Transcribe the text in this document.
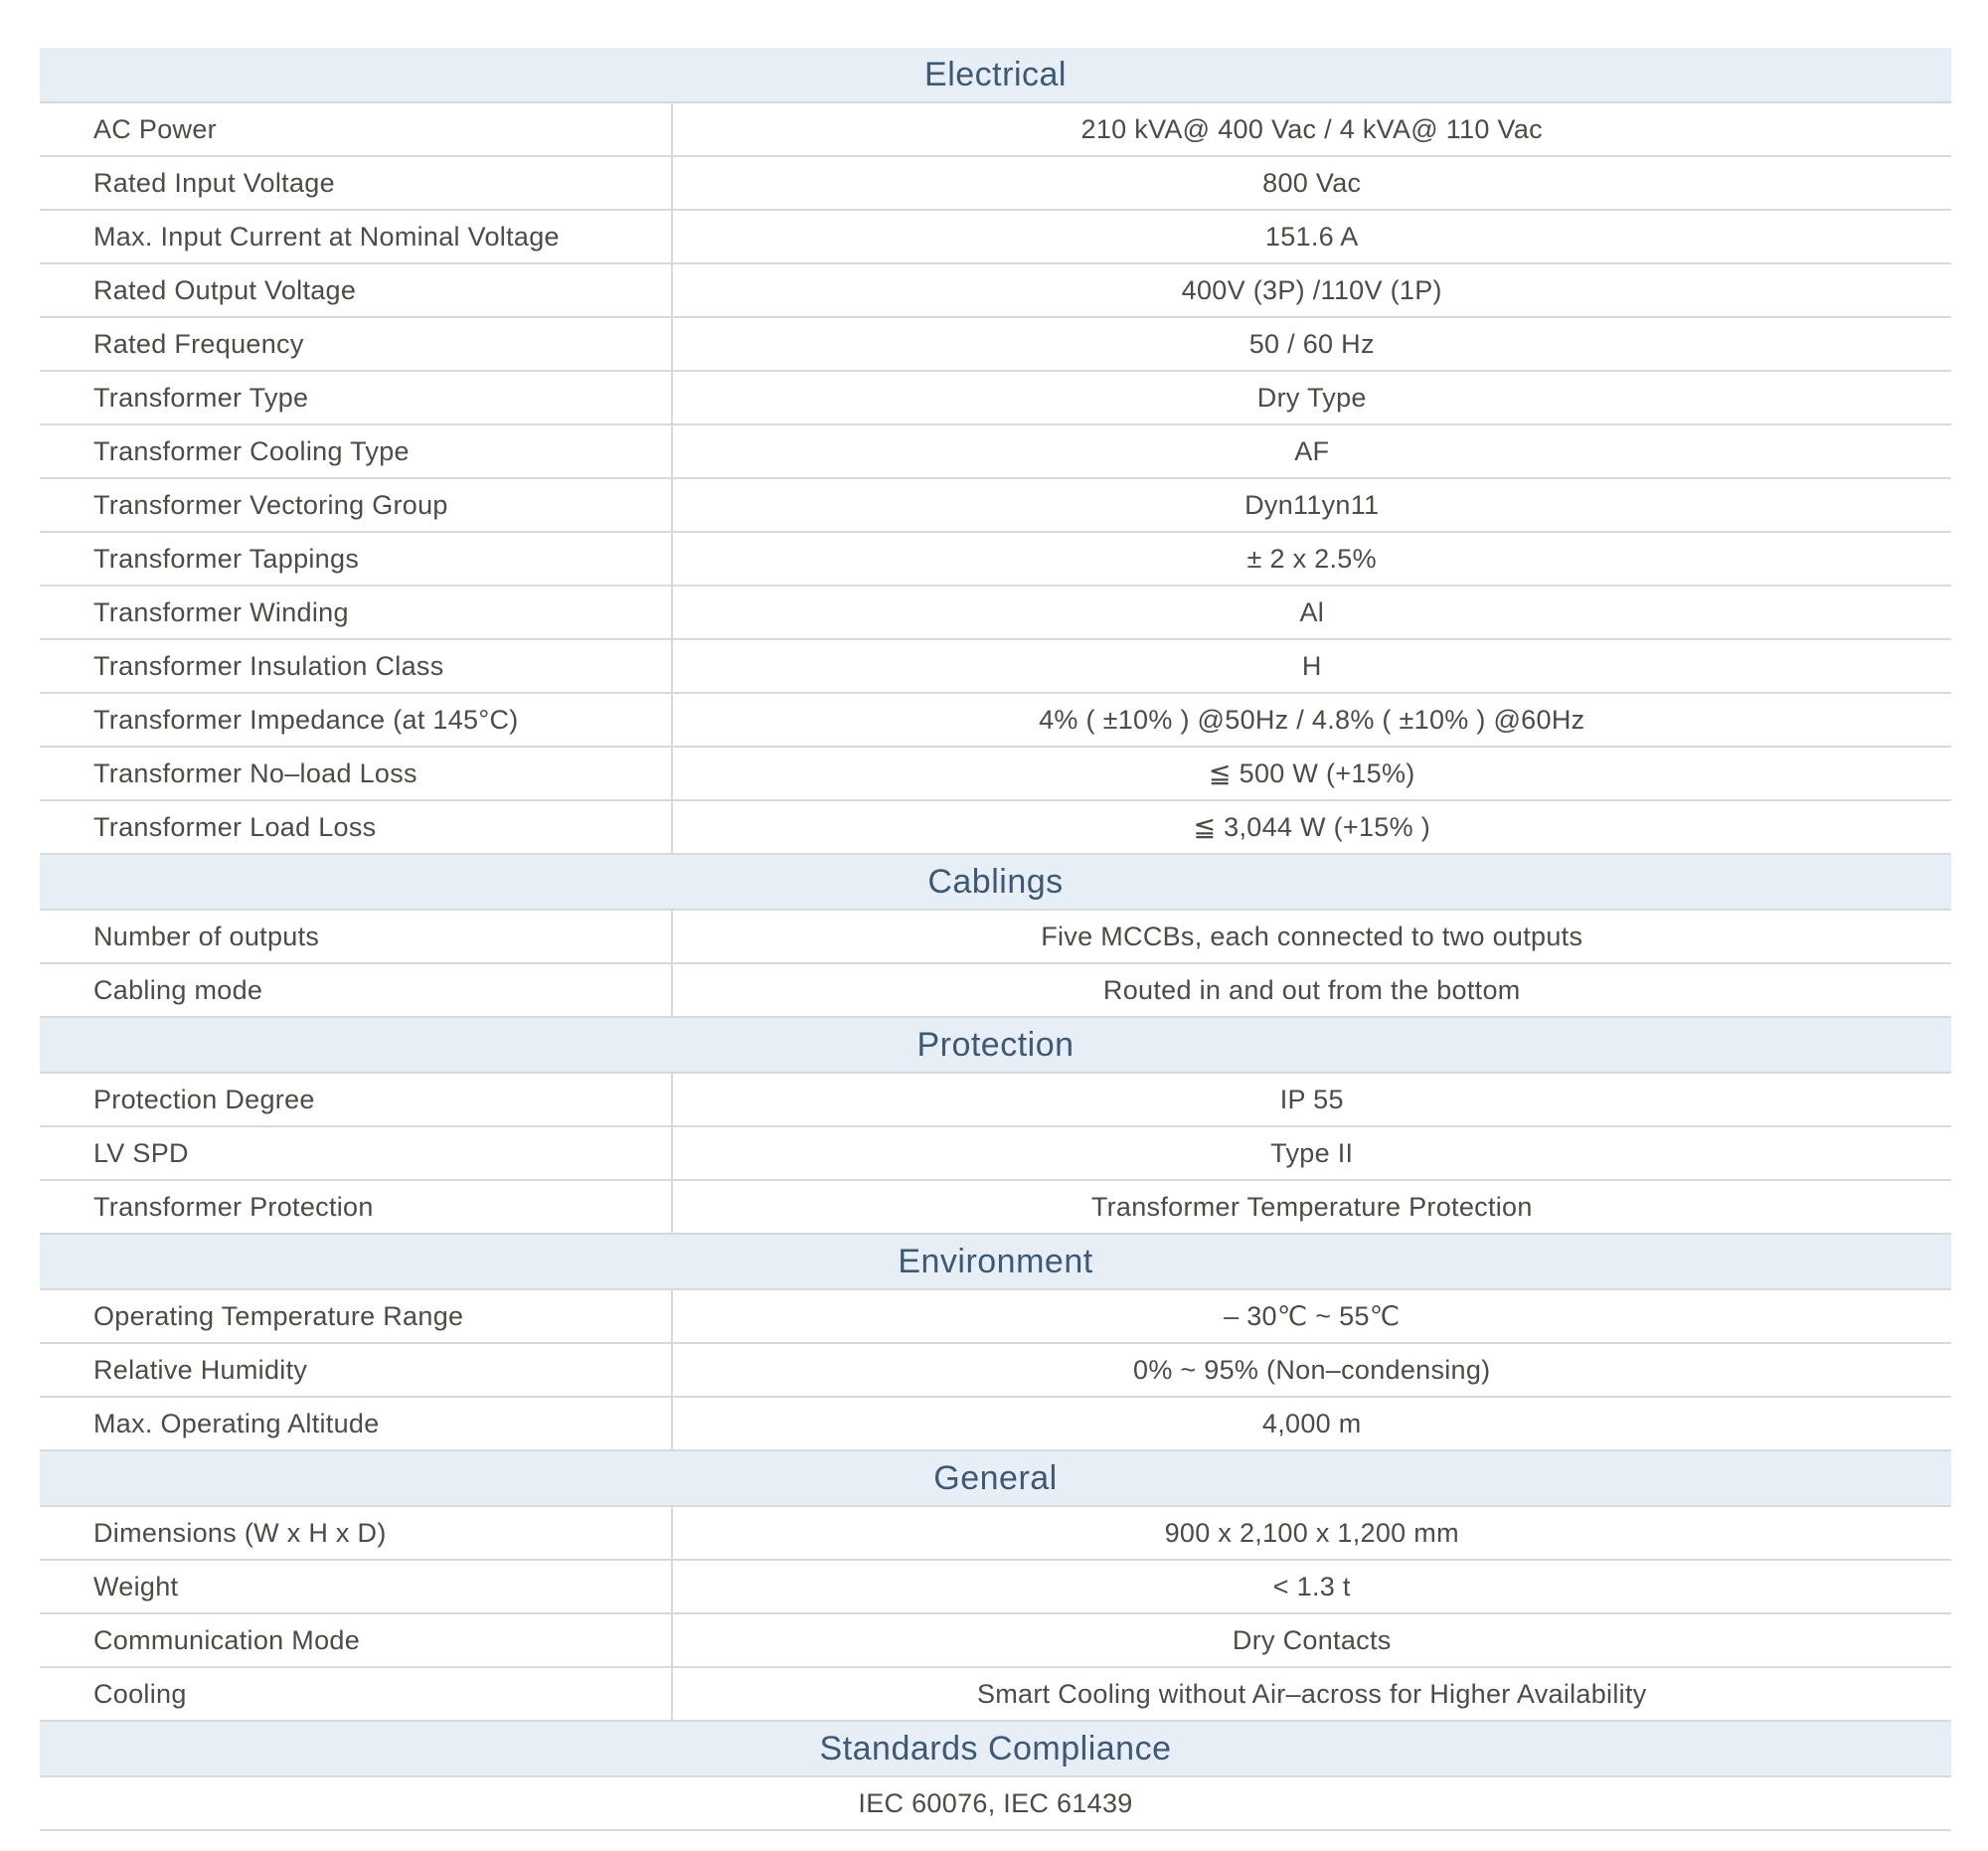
Electrical
AC Power	210 kVA@ 400 Vac / 4 kVA@ 110 Vac
Rated Input Voltage	800 Vac
Max. Input Current at Nominal Voltage	151.6 A
Rated Output Voltage	400V (3P) /110V (1P)
Rated Frequency	50 / 60 Hz
Transformer Type	Dry Type
Transformer Cooling Type	AF
Transformer Vectoring Group	Dyn11yn11
Transformer Tappings	± 2 x 2.5%
Transformer Winding	Al
Transformer Insulation Class	H
Transformer Impedance (at 145°C)	4% ( ±10% ) @50Hz / 4.8% ( ±10% ) @60Hz
Transformer No–load Loss	≦ 500 W (+15%)
Transformer Load Loss	≦ 3,044 W (+15% )
Cablings
Number of outputs	Five MCCBs, each connected to two outputs
Cabling mode	Routed in and out from the bottom
Protection
Protection Degree	IP 55
LV SPD	Type II
Transformer Protection	Transformer Temperature Protection
Environment
Operating Temperature Range	– 30℃ ~ 55℃
Relative Humidity	0% ~ 95% (Non–condensing)
Max. Operating Altitude	4,000 m
General
Dimensions (W x H x D)	900 x 2,100 x 1,200 mm
Weight	< 1.3 t
Communication Mode	Dry Contacts
Cooling	Smart Cooling without Air–across for Higher Availability
Standards Compliance
IEC 60076, IEC 61439
